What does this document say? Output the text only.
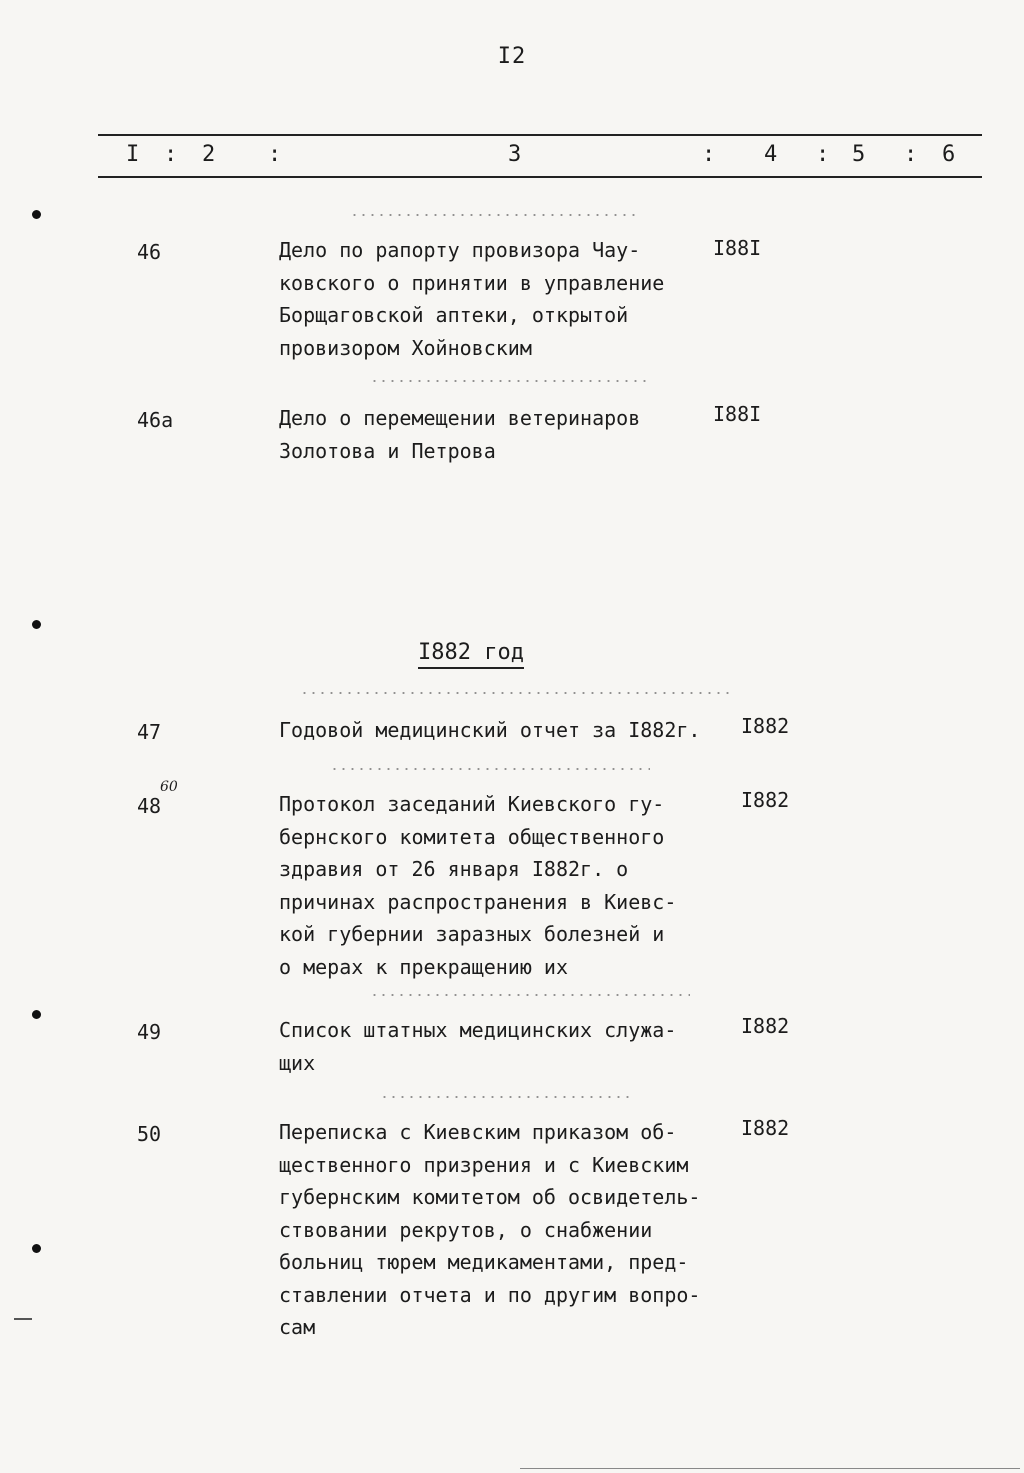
I2
I : 2 :	3	: 4 : 5 : 6
46	Дело по рапорту провизора Чау-
ковского о принятии в управление
Борщаговской аптеки, открытой
провизором Хойновским
I88I
46а	Дело о перемещении ветеринаров
Золотова и Петрова
I88I
I882 год
47	Годовой медицинский отчет за I882г.	I882
48
60
Протокол заседаний Киевского гу-
бернского комитета общественного
здравия от 26 января I882г. о
причинах распространения в Киевс-
кой губернии заразных болезней и
о мерах к прекращению их
I882
49	Список штатных медицинских служа-
щих
I882
50	Переписка с Киевским приказом об-
щественного призрения и с Киевским
губернским комитетом об освидетель-
ствовании рекрутов, о снабжении
больниц тюрем медикаментами, пред-
ставлении отчета и по другим вопро-
сам
I882
